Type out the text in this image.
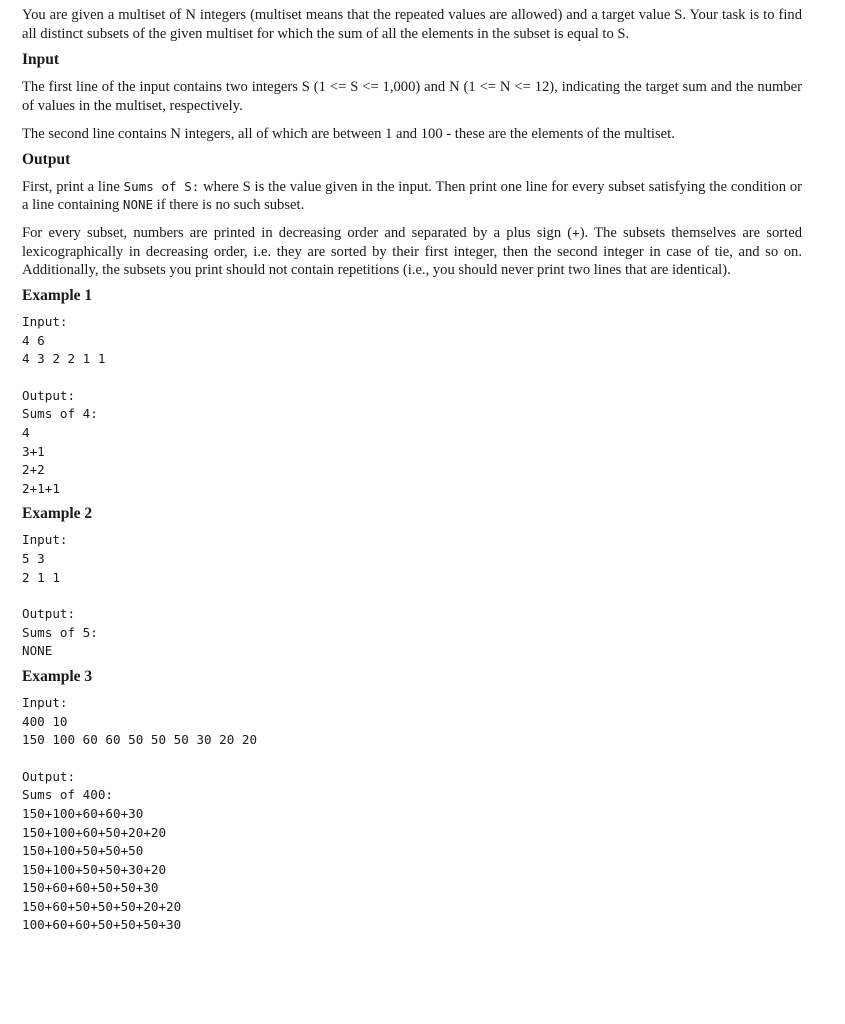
You are given a multiset of N integers (multiset means that the repeated values are allowed) and a target value S. Your task is to find all distinct subsets of the given multiset for which the sum of all the elements in the subset is equal to S.

Input

The first line of the input contains two integers S (1 <= S <= 1,000) and N (1 <= N <= 12), indicating the target sum and the number of values in the multiset, respectively.

The second line contains N integers, all of which are between 1 and 100 - these are the elements of the multiset.

Output

First, print a line Sums of S: where S is the value given in the input. Then print one line for every subset satisfying the condition or a line containing NONE if there is no such subset.

For every subset, numbers are printed in decreasing order and separated by a plus sign (+). The subsets themselves are sorted lexicographically in decreasing order, i.e. they are sorted by their first integer, then the second integer in case of tie, and so on. Additionally, the subsets you print should not contain repetitions (i.e., you should never print two lines that are identical).

Example 1
Input:
4 6
4 3 2 2 1 1
Output:
Sums of 4:
4
3+1
2+2
2+1+1
Example 2
Input:
5 3
2 1 1
Output:
Sums of 5:
NONE
Example 3
Input:
400 10
150 100 60 60 50 50 50 30 20 20
Output:
Sums of 400:
150+100+60+60+30
150+100+60+50+20+20
150+100+50+50+50
150+100+50+50+30+20
150+60+60+50+50+30
150+60+50+50+50+20+20
100+60+60+50+50+50+30
